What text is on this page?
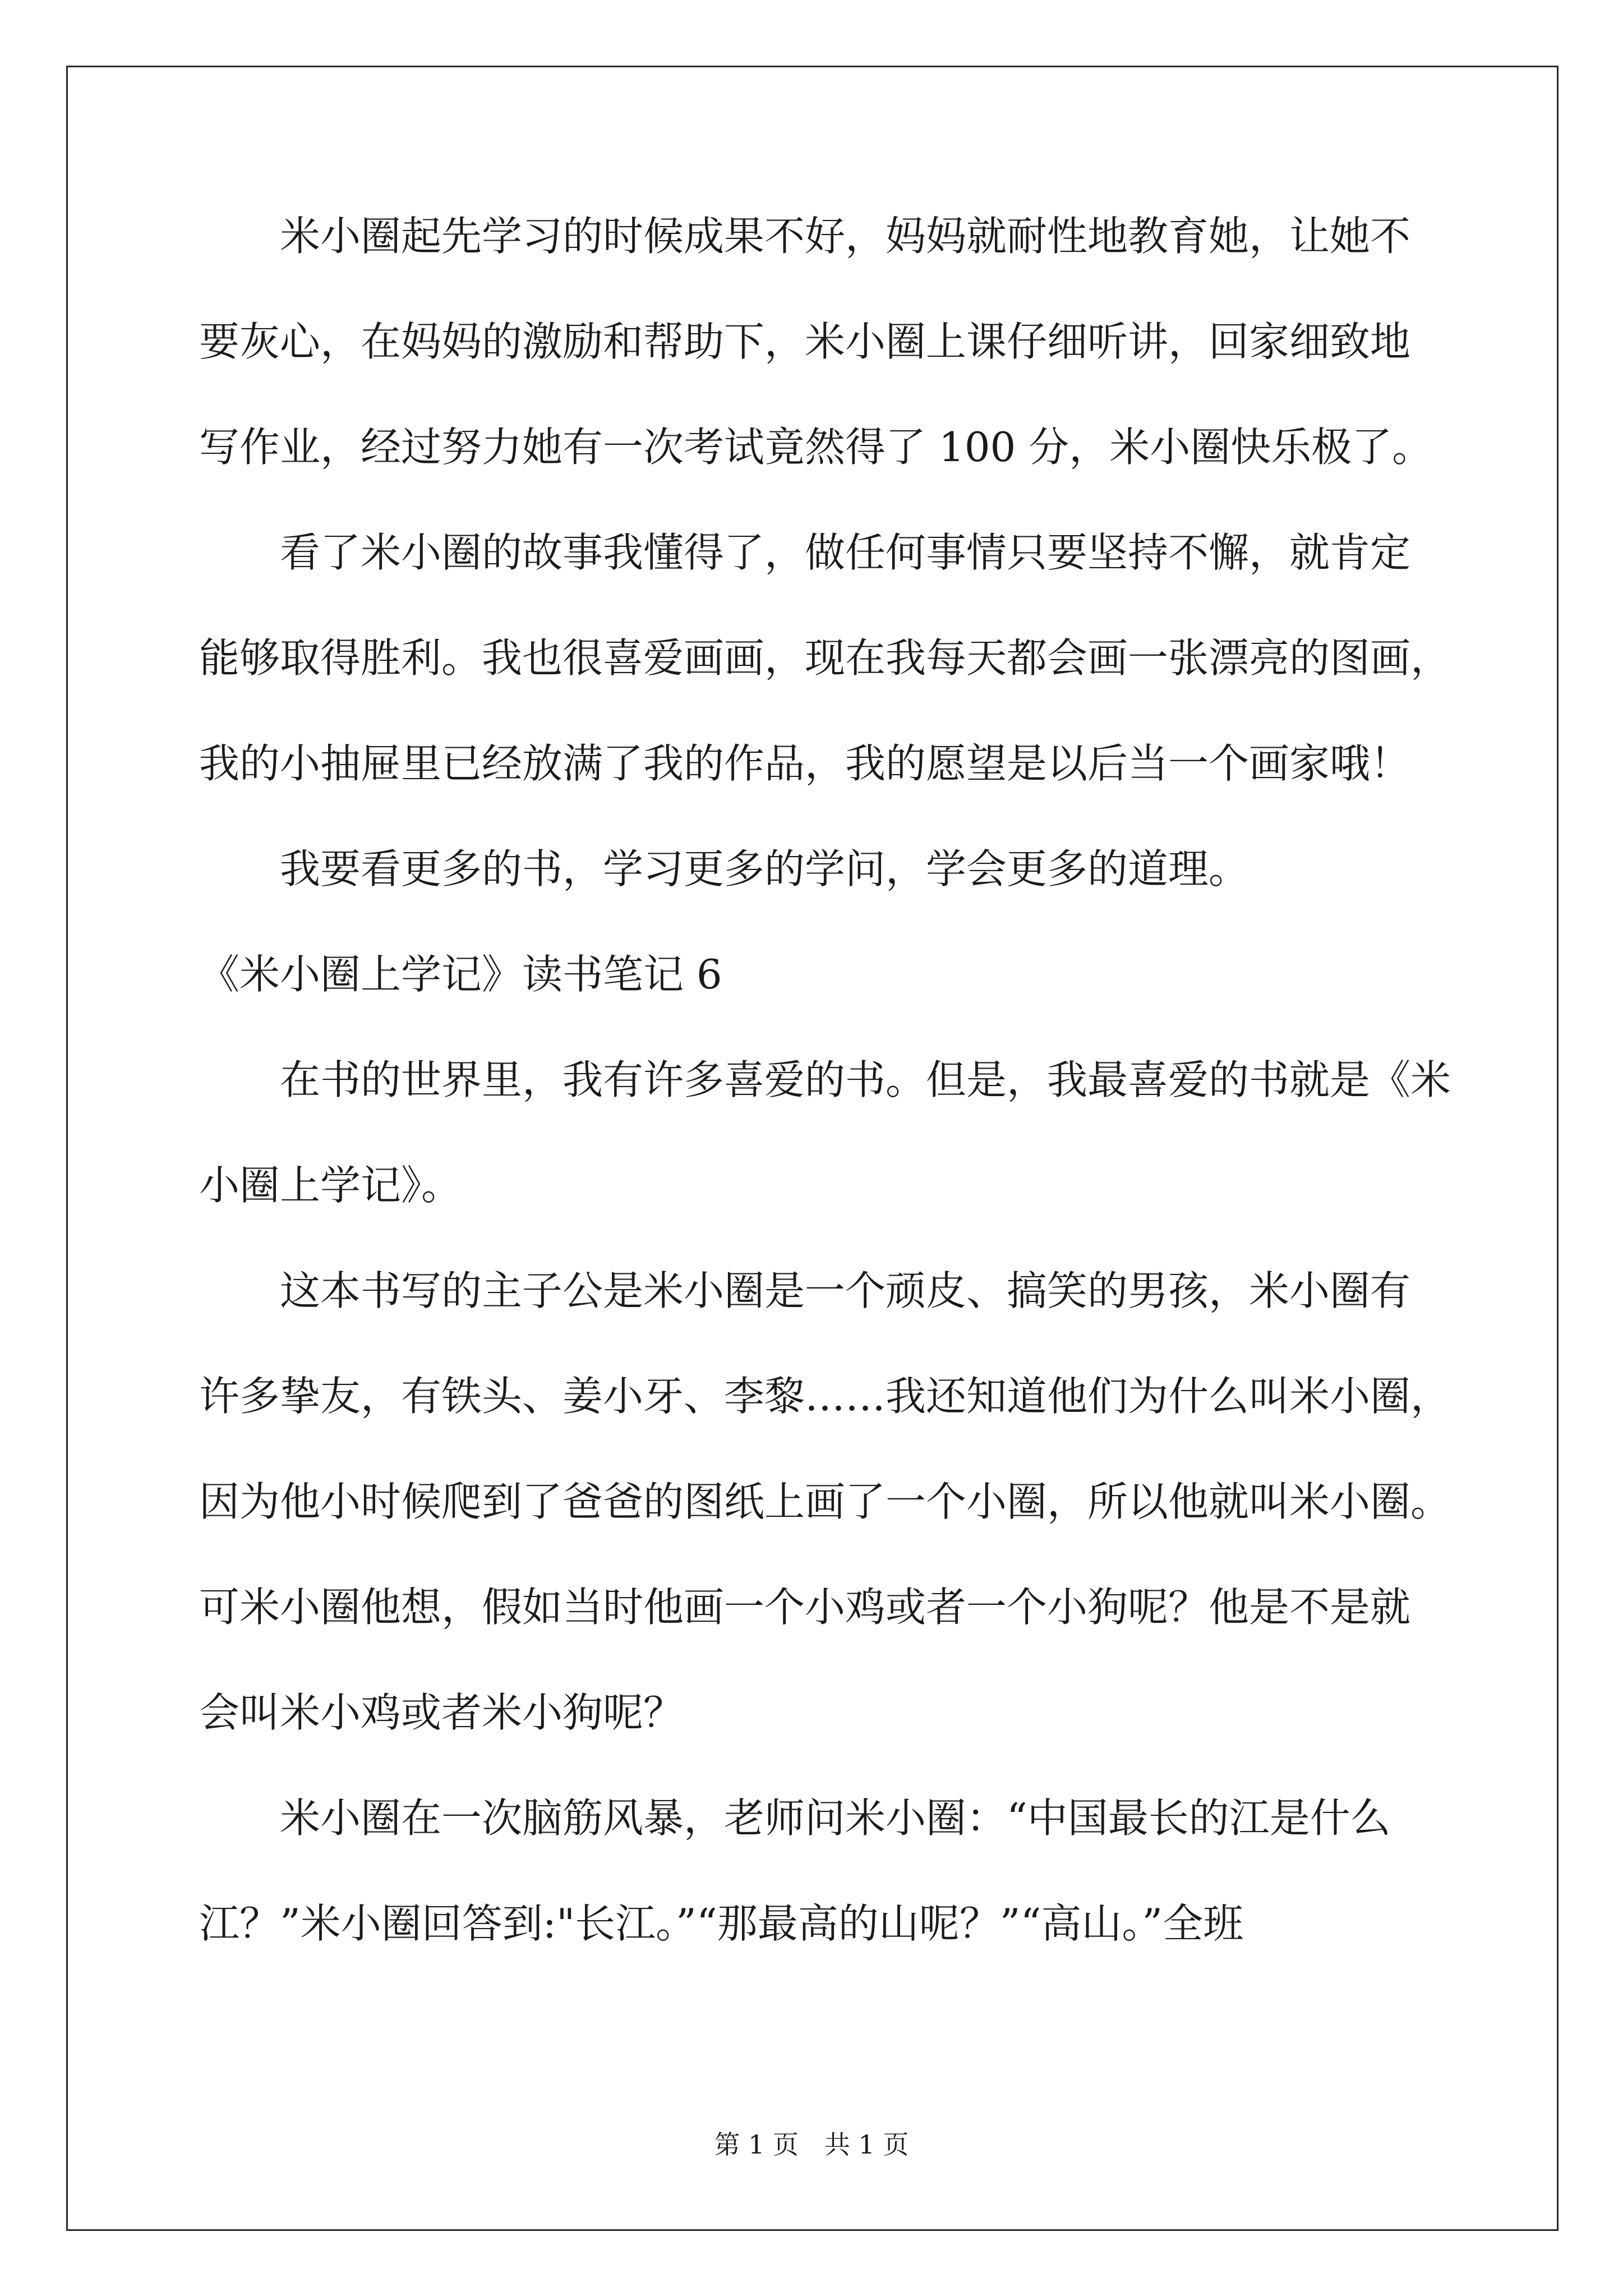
　　米小圈起先学习的时候成果不好，妈妈就耐性地教育她，让她不
要灰心，在妈妈的激励和帮助下，米小圈上课仔细听讲，回家细致地
写作业，经过努力她有一次考试竟然得了 100 分，米小圈快乐极了。
　　看了米小圈的故事我懂得了，做任何事情只要坚持不懈，就肯定
能够取得胜利。我也很喜爱画画，现在我每天都会画一张漂亮的图画，
我的小抽屉里已经放满了我的作品，我的愿望是以后当一个画家哦！
　　我要看更多的书，学习更多的学问，学会更多的道理。
《米小圈上学记》读书笔记 6
　　在书的世界里，我有许多喜爱的书。但是，我最喜爱的书就是《米
小圈上学记》。
　　这本书写的主子公是米小圈是一个顽皮、搞笑的男孩，米小圈有
许多挚友，有铁头、姜小牙、李黎……我还知道他们为什么叫米小圈，
因为他小时候爬到了爸爸的图纸上画了一个小圈，所以他就叫米小圈。
可米小圈他想，假如当时他画一个小鸡或者一个小狗呢？他是不是就
会叫米小鸡或者米小狗呢？
　　米小圈在一次脑筋风暴，老师问米小圈：“中国最长的江是什么
江？”米小圈回答到:"长江。”“那最高的山呢？”“高山。”全班
第 1 页　共 1 页
